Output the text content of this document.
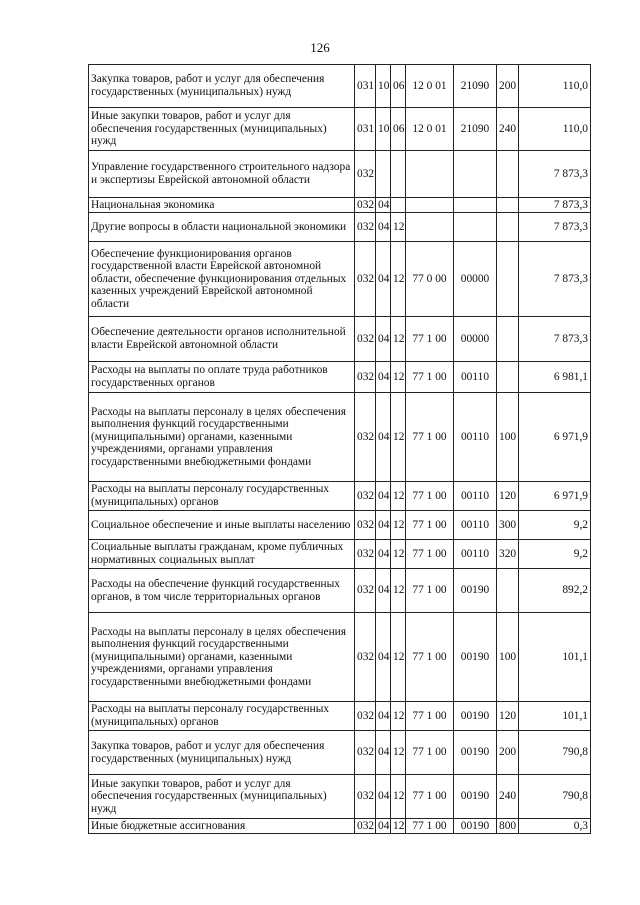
126
Закупка товаров, работ и услуг для обеспечения государственных (муниципальных) нужд	031	10	06	12 0 01	21090	200	110,0
Иные закупки товаров, работ и услуг для обеспечения государственных (муниципальных) нужд	031	10	06	12 0 01	21090	240	110,0
Управление государственного строительного надзора и экспертизы Еврейской автономной области	032						7 873,3
Национальная экономика	032	04					7 873,3
Другие вопросы в области национальной экономики	032	04	12				7 873,3
Обеспечение функционирования органов государственной власти Еврейской автономной области, обеспечение функционирования отдельных казенных учреждений Еврейской автономной области	032	04	12	77 0 00	00000		7 873,3
Обеспечение деятельности органов исполнительной власти Еврейской автономной области	032	04	12	77 1 00	00000		7 873,3
Расходы на выплаты по оплате труда работников государственных органов	032	04	12	77 1 00	00110		6 981,1
Расходы на выплаты персоналу в целях обеспечения выполнения функций государственными (муниципальными) органами, казенными учреждениями, органами управления государственными внебюджетными фондами	032	04	12	77 1 00	00110	100	6 971,9
Расходы на выплаты персоналу государственных (муниципальных) органов	032	04	12	77 1 00	00110	120	6 971,9
Социальное обеспечение и иные выплаты населению	032	04	12	77 1 00	00110	300	9,2
Социальные выплаты гражданам, кроме публичных нормативных социальных выплат	032	04	12	77 1 00	00110	320	9,2
Расходы на обеспечение функций государственных органов, в том числе территориальных органов	032	04	12	77 1 00	00190		892,2
Расходы на выплаты персоналу в целях обеспечения выполнения функций государственными (муниципальными) органами, казенными учреждениями, органами управления государственными внебюджетными фондами	032	04	12	77 1 00	00190	100	101,1
Расходы на выплаты персоналу государственных (муниципальных) органов	032	04	12	77 1 00	00190	120	101,1
Закупка товаров, работ и услуг для обеспечения государственных (муниципальных) нужд	032	04	12	77 1 00	00190	200	790,8
Иные закупки товаров, работ и услуг для обеспечения государственных (муниципальных) нужд	032	04	12	77 1 00	00190	240	790,8
Иные бюджетные ассигнования	032	04	12	77 1 00	00190	800	0,3
